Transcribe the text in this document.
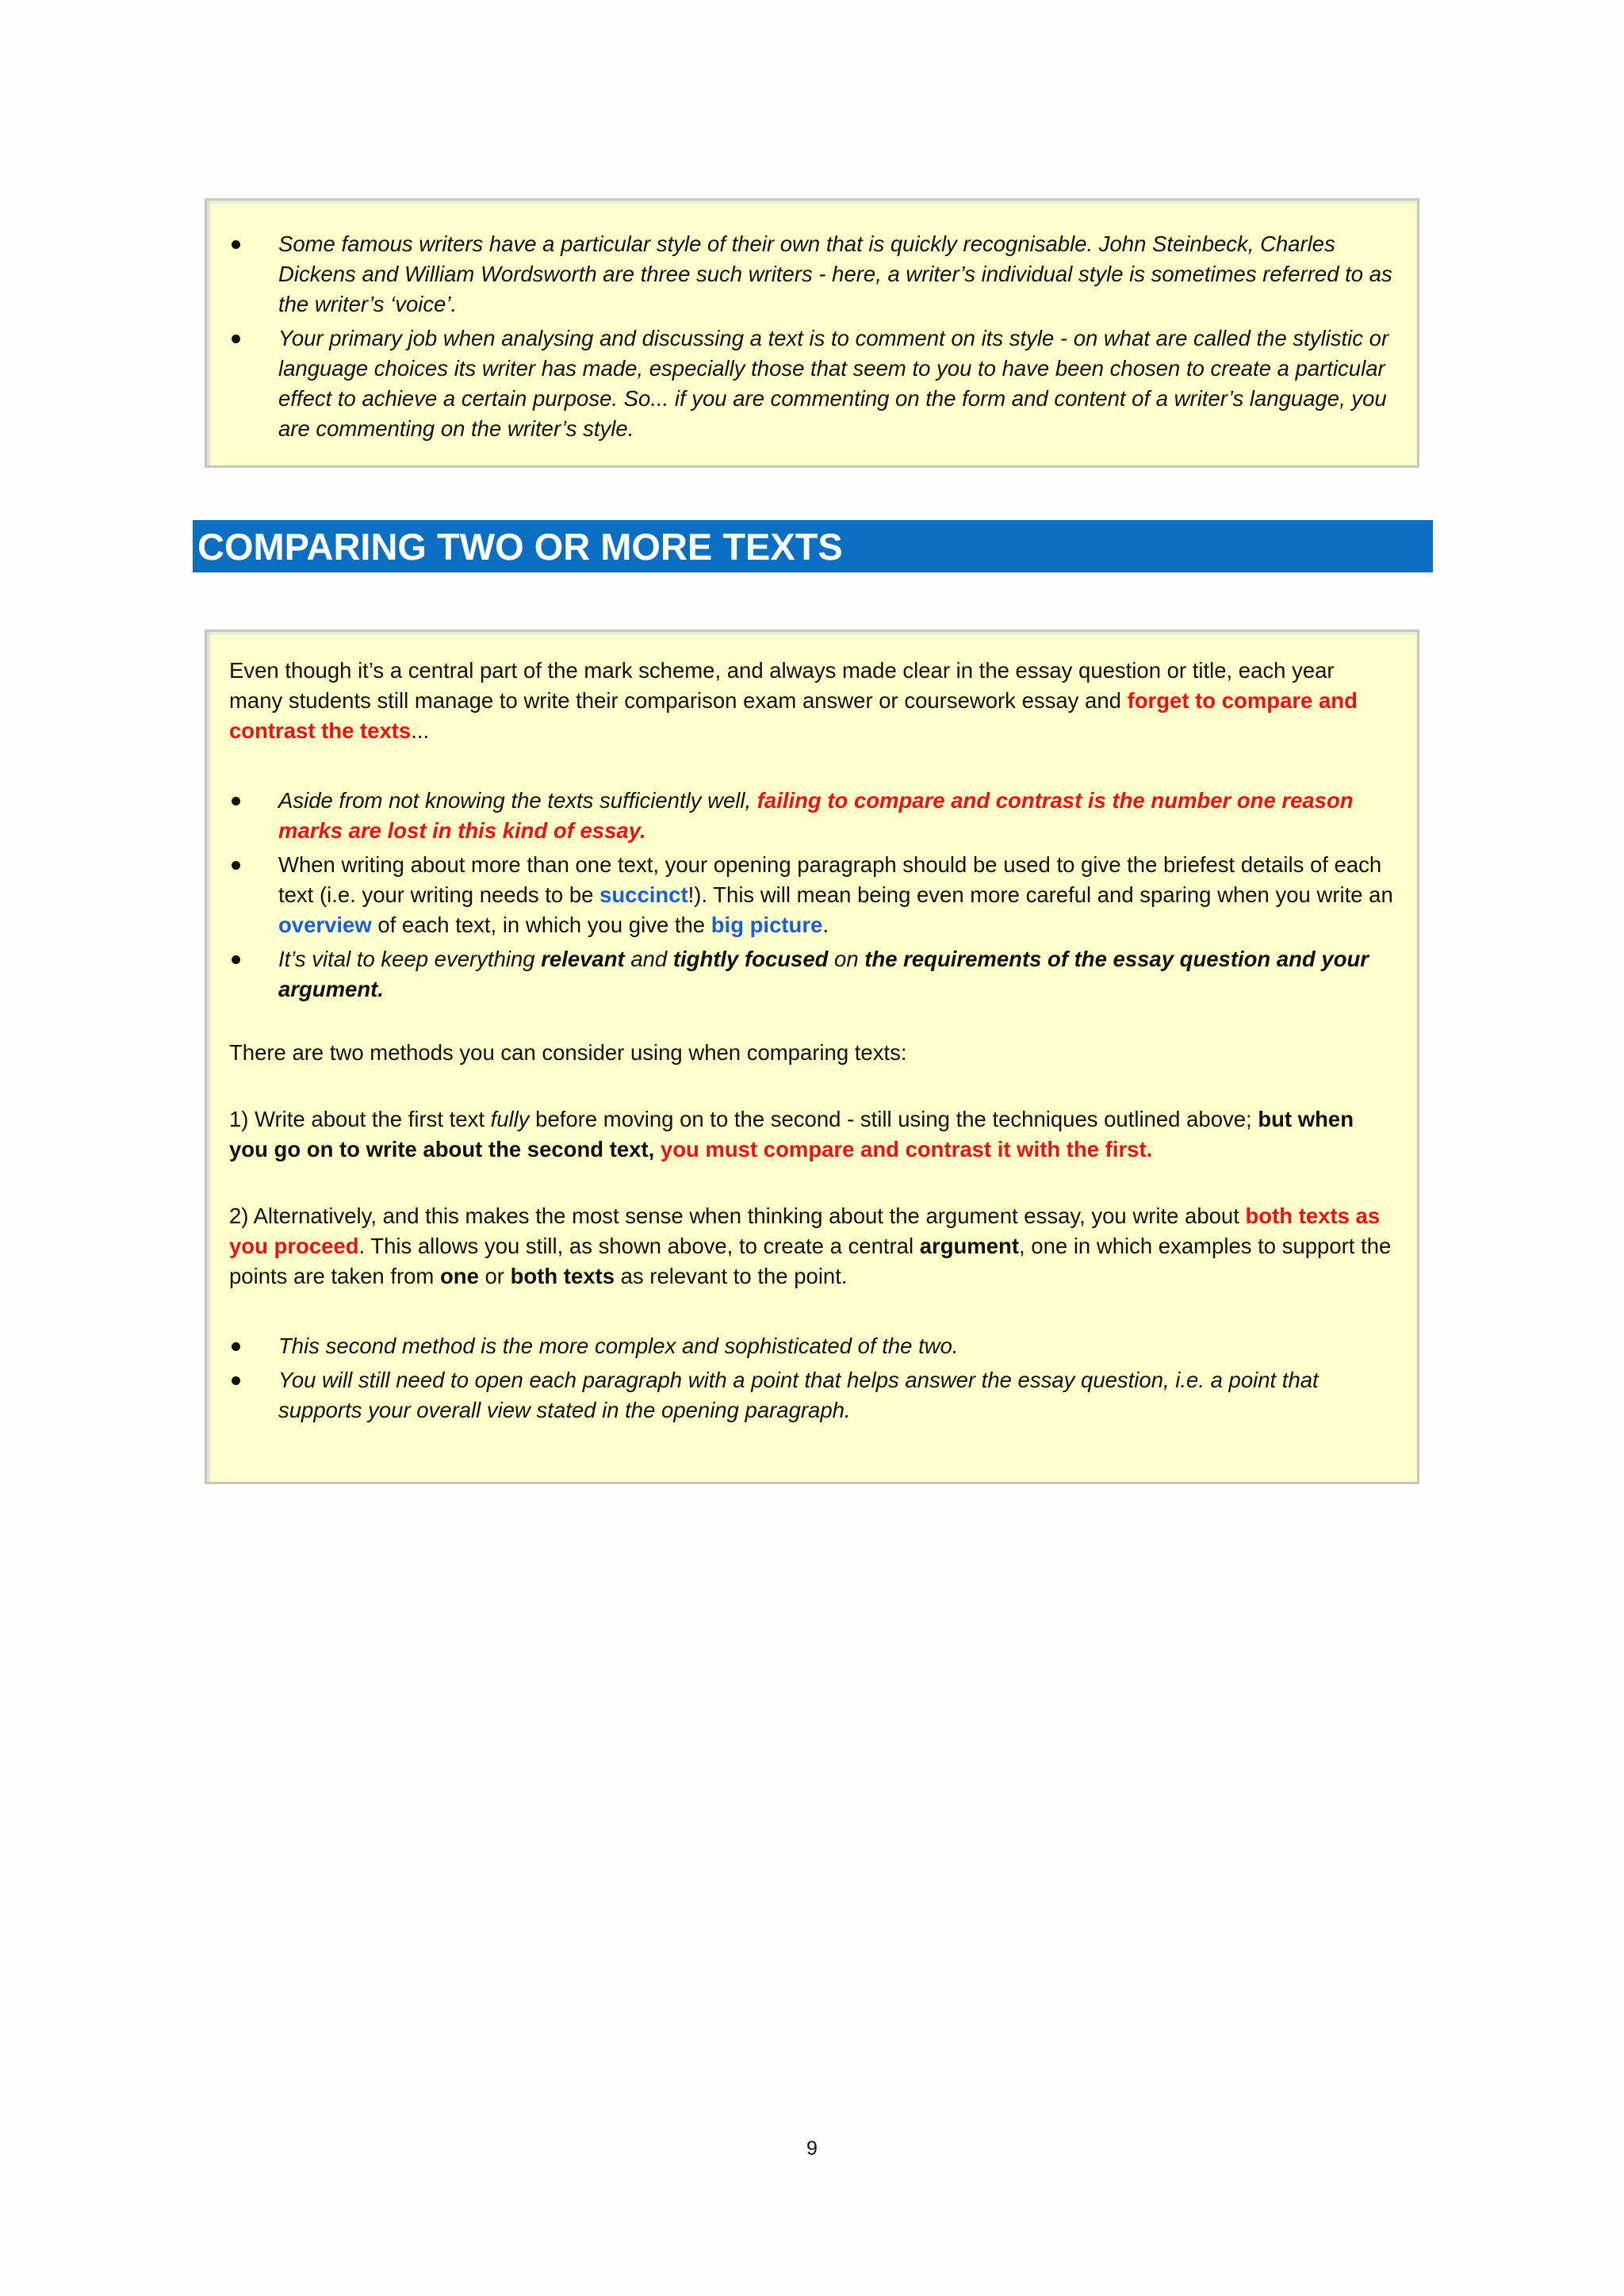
Some famous writers have a particular style of their own that is quickly recognisable. John Steinbeck, Charles Dickens and William Wordsworth are three such writers - here, a writer’s individual style is sometimes referred to as the writer’s ‘voice’.
Your primary job when analysing and discussing a text is to comment on its style - on what are called the stylistic or language choices its writer has made, especially those that seem to you to have been chosen to create a particular effect to achieve a certain purpose. So... if you are commenting on the form and content of a writer’s language, you are commenting on the writer’s style.
COMPARING TWO OR MORE TEXTS

Even though it’s a central part of the mark scheme, and always made clear in the essay question or title, each year many students still manage to write their comparison exam answer or coursework essay and forget to compare and contrast the texts...

Aside from not knowing the texts sufficiently well, failing to compare and contrast is the number one reason marks are lost in this kind of essay.
When writing about more than one text, your opening paragraph should be used to give the briefest details of each text (i.e. your writing needs to be succinct!). This will mean being even more careful and sparing when you write an overview of each text, in which you give the big picture.
It’s vital to keep everything relevant and tightly focused on the requirements of the essay question and your argument.

There are two methods you can consider using when comparing texts:

1) Write about the first text fully before moving on to the second - still using the techniques outlined above; but when you go on to write about the second text, you must compare and contrast it with the first.

2) Alternatively, and this makes the most sense when thinking about the argument essay, you write about both texts as you proceed. This allows you still, as shown above, to create a central argument, one in which examples to support the points are taken from one or both texts as relevant to the point.

This second method is the more complex and sophisticated of the two.
You will still need to open each paragraph with a point that helps answer the essay question, i.e. a point that supports your overall view stated in the opening paragraph.
9
